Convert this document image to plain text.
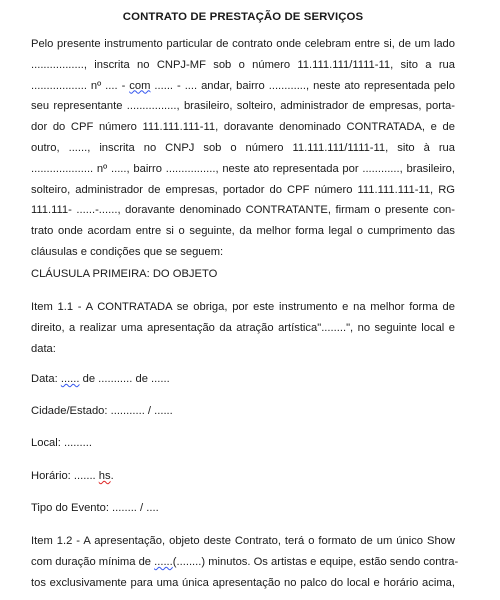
CONTRATO DE PRESTAÇÃO DE SERVIÇOS
Pelo presente instrumento particular de contrato onde celebram entre si, de um lado
................., inscrita no CNPJ-MF sob o número 11.111.111/1111-11, sito a rua
.................. nº .... - com ...... - .... andar, bairro ............, neste ato representada pelo
seu representante ................, brasileiro, solteiro, administrador de empresas, porta-
dor do CPF número 111.111.111-11, doravante denominado CONTRATADA, e de
outro, ......, inscrita no CNPJ sob o número 11.111.111/1111-11, sito à rua
.................... nº ....., bairro ................, neste ato representada por ............, brasileiro,
solteiro, administrador de empresas, portador do CPF número 111.111.111-11, RG
111.111- ......-......, doravante denominado CONTRATANTE, firmam o presente con-
trato onde acordam entre si o seguinte, da melhor forma legal o cumprimento das
cláusulas e condições que se seguem:
CLÁUSULA PRIMEIRA: DO OBJETO
Item 1.1 - A CONTRATADA se obriga, por este instrumento e na melhor forma de
direito, a realizar uma apresentação da atração artística"........", no seguinte local e
data:
Data: ...... de ........... de ......
Cidade/Estado: ........... / ......
Local: .........
Horário: ....... hs.
Tipo do Evento: ........ / ....
Item 1.2 - A apresentação, objeto deste Contrato, terá o formato de um único Show
com duração mínima de ......(........) minutos. Os artistas e equipe, estão sendo contra-
tos exclusivamente para uma única apresentação no palco do local e horário acima,
